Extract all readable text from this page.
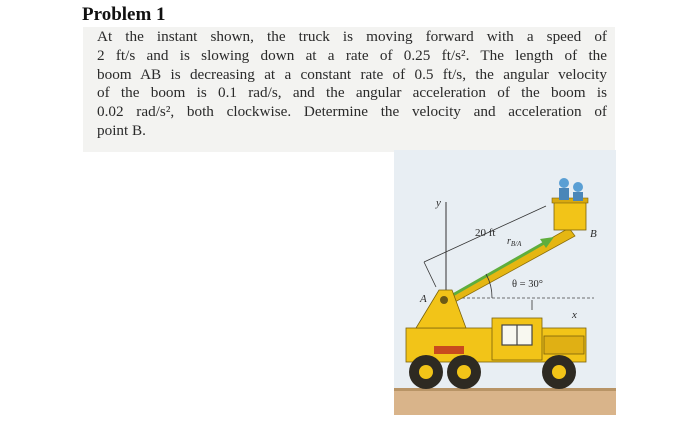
Problem 1
At the instant shown, the truck is moving forward with a speed of
2 ft/s and is slowing down at a rate of 0.25 ft/s². The length of the
boom AB is decreasing at a constant rate of 0.5 ft/s, the angular velocity
of the boom is 0.1 rad/s, and the angular acceleration of the boom is
0.02 rad/s², both clockwise. Determine the velocity and acceleration of
point B.
y
20 ft
x
$r_{B/A}$
θ = 30°
B
A
